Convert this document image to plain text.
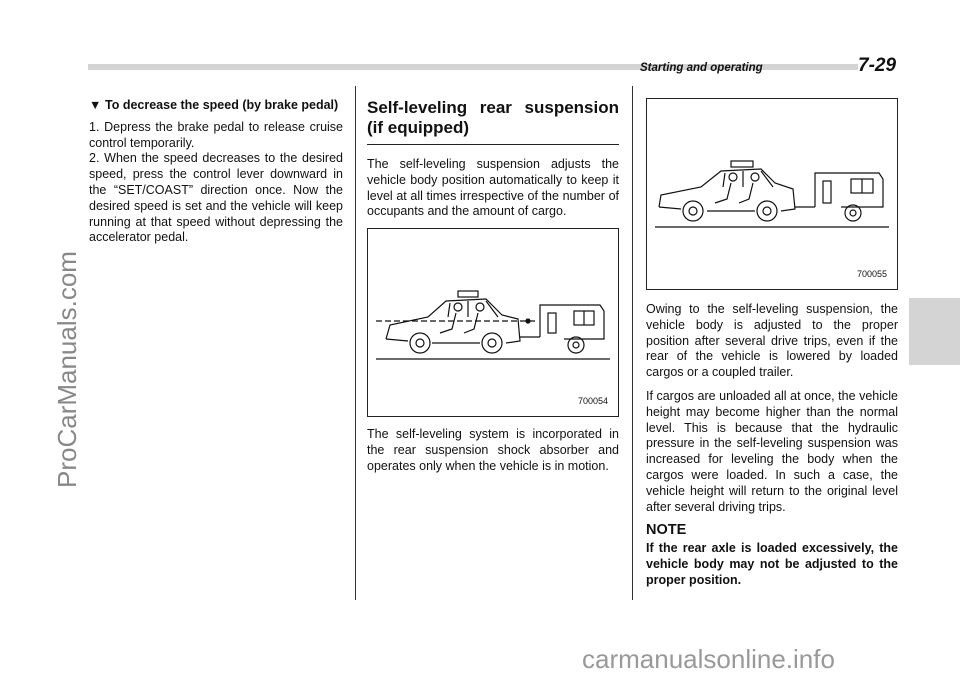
Starting and operating	7-29
ProCarManuals.com
carmanualsonline.info
▼ To decrease the speed (by brake pedal)

1. Depress the brake pedal to release cruise control temporarily.

2. When the speed decreases to the desired speed, press the control lever downward in the “SET/COAST” direction once. Now the desired speed is set and the vehicle will keep running at that speed without depressing the accelerator pedal.

Self-leveling rear suspension (if equipped)

The self-leveling suspension adjusts the vehicle body position automatically to keep it level at all times irrespective of the number of occupants and the amount of cargo.

700054

The self-leveling system is incorporated in the rear suspension shock absorber and operates only when the vehicle is in motion.

700055

Owing to the self-leveling suspension, the vehicle body is adjusted to the proper position after several drive trips, even if the rear of the vehicle is lowered by loaded cargos or a coupled trailer.

If cargos are unloaded all at once, the vehicle height may become higher than the normal level. This is because that the hydraulic pressure in the self-leveling suspension was increased for leveling the body when the cargos were loaded. In such a case, the vehicle height will return to the original level after several driving trips.

NOTE

If the rear axle is loaded excessively, the vehicle body may not be adjusted to the proper position.
